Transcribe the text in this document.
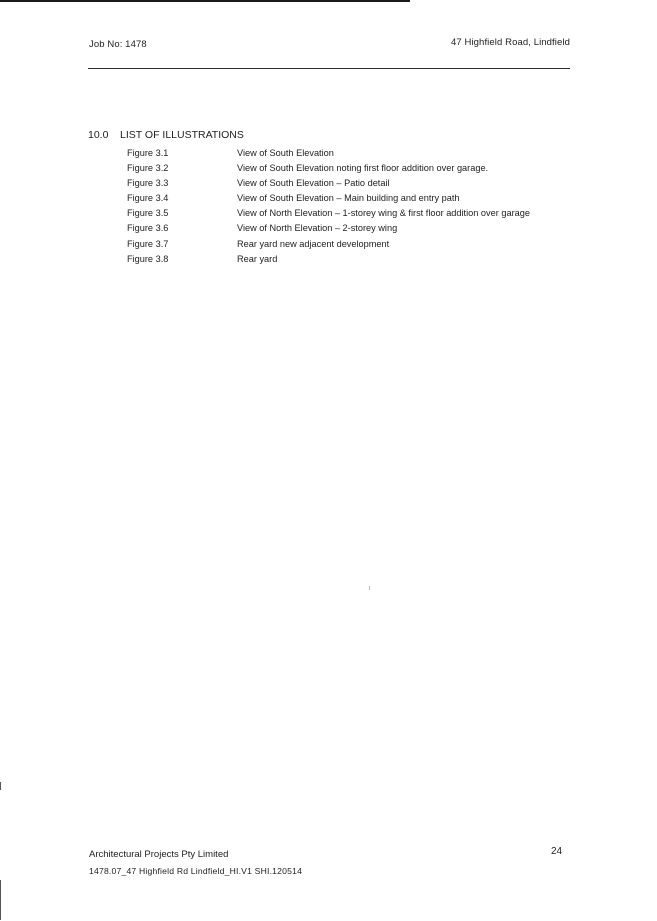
Job No: 1478	47 Highfield Road, Lindfield
10.0 LIST OF ILLUSTRATIONS
Figure 3.1	View of South Elevation
Figure 3.2	View of South Elevation noting first floor addition over garage.
Figure 3.3	View of South Elevation – Patio detail
Figure 3.4	View of South Elevation – Main building and entry path
Figure 3.5	View of North Elevation – 1-storey wing & first floor addition over garage
Figure 3.6	View of North Elevation – 2-storey wing
Figure 3.7	Rear yard new adjacent development
Figure 3.8	Rear yard
Architectural Projects Pty Limited
1478.07_47 Highfield Rd Lindfield_HI.V1 SHI.120514
24
